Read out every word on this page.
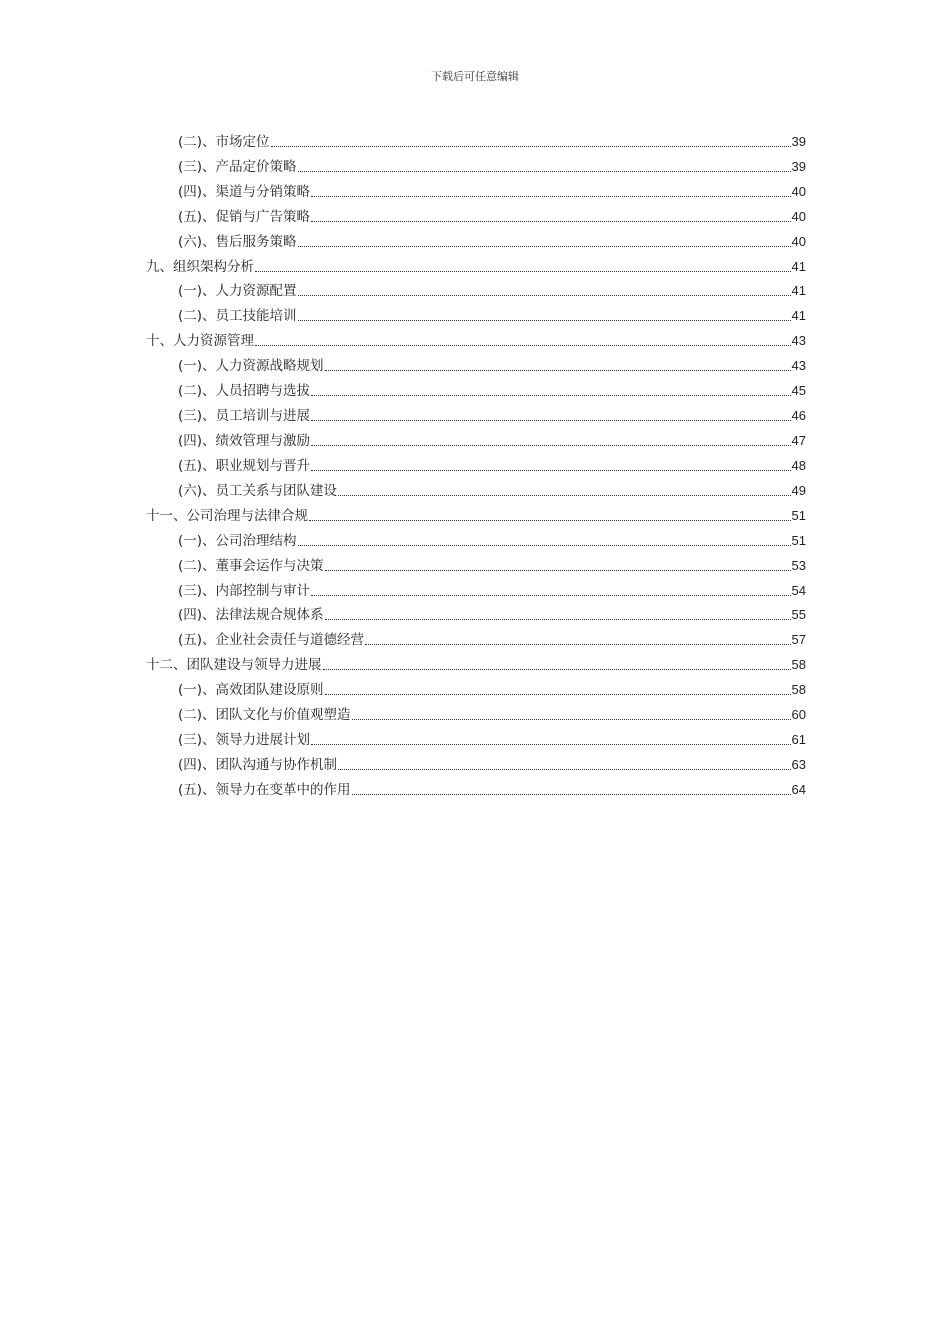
下载后可任意编辑
(二)、市场定位	39
(三)、产品定价策略	39
(四)、渠道与分销策略	40
(五)、促销与广告策略	40
(六)、售后服务策略	40
九、组织架构分析	41
(一)、人力资源配置	41
(二)、员工技能培训	41
十、人力资源管理	43
(一)、人力资源战略规划	43
(二)、人员招聘与选拔	45
(三)、员工培训与进展	46
(四)、绩效管理与激励	47
(五)、职业规划与晋升	48
(六)、员工关系与团队建设	49
十一、公司治理与法律合规	51
(一)、公司治理结构	51
(二)、董事会运作与决策	53
(三)、内部控制与审计	54
(四)、法律法规合规体系	55
(五)、企业社会责任与道德经营	57
十二、团队建设与领导力进展	58
(一)、高效团队建设原则	58
(二)、团队文化与价值观塑造	60
(三)、领导力进展计划	61
(四)、团队沟通与协作机制	63
(五)、领导力在变革中的作用	64
